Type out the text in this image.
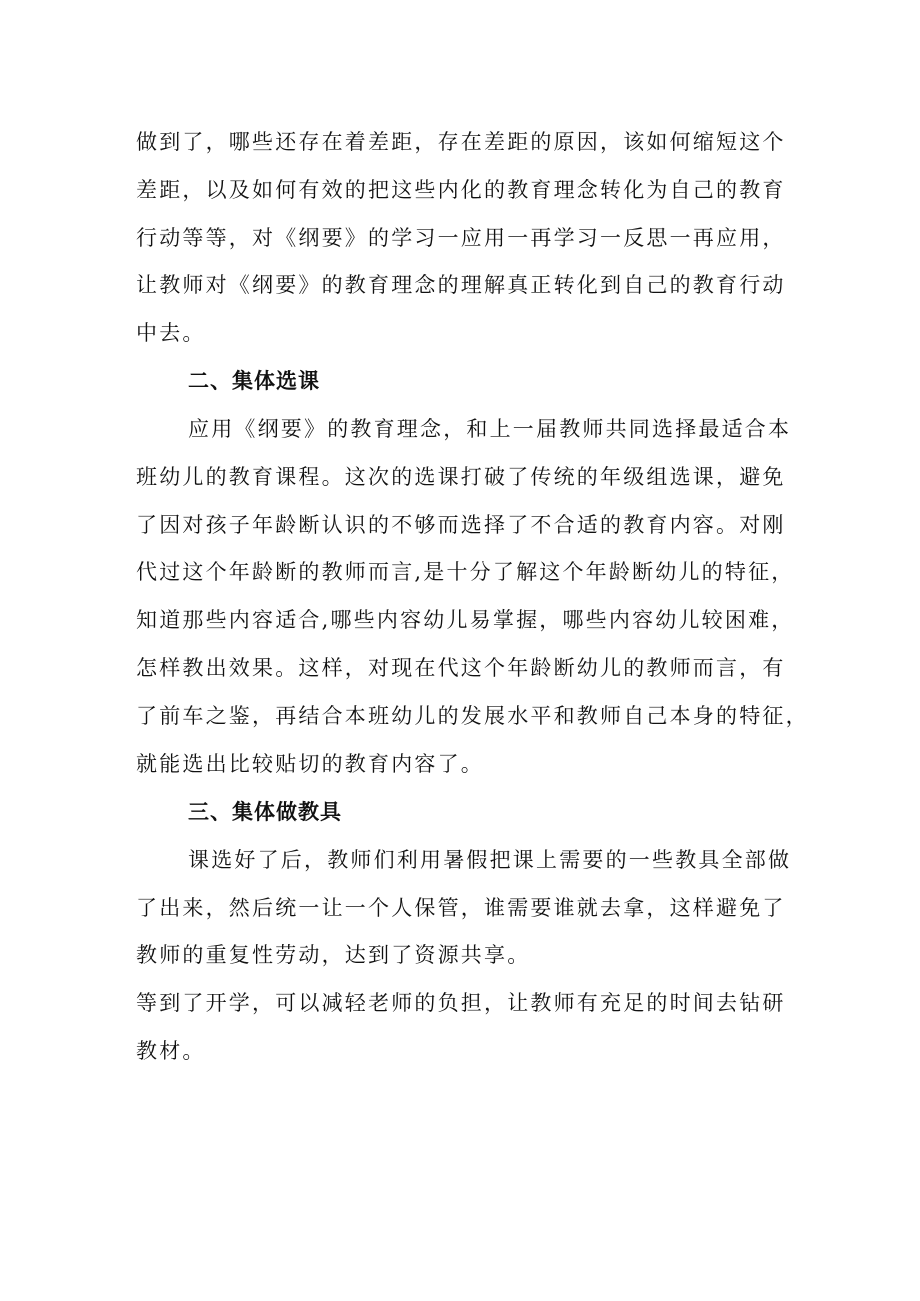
做到了，哪些还存在着差距，存在差距的原因，该如何缩短这个
差距，以及如何有效的把这些内化的教育理念转化为自己的教育
行动等等，对《纲要》的学习一应用一再学习一反思一再应用，
让教师对《纲要》的教育理念的理解真正转化到自己的教育行动
中去。
二、集体选课
应用《纲要》的教育理念，和上一届教师共同选择最适合本
班幼儿的教育课程。这次的选课打破了传统的年级组选课，避免
了因对孩子年龄断认识的不够而选择了不合适的教育内容。对刚
代过这个年龄断的教师而言,是十分了解这个年龄断幼儿的特征，
知道那些内容适合,哪些内容幼儿易掌握，哪些内容幼儿较困难，
怎样教出效果。这样，对现在代这个年龄断幼儿的教师而言，有
了前车之鉴，再结合本班幼儿的发展水平和教师自己本身的特征，
就能选出比较贴切的教育内容了。
三、集体做教具
课选好了后，教师们利用暑假把课上需要的一些教具全部做
了出来，然后统一让一个人保管，谁需要谁就去拿，这样避免了
教师的重复性劳动，达到了资源共享。
等到了开学，可以减轻老师的负担，让教师有充足的时间去钻研
教材。
